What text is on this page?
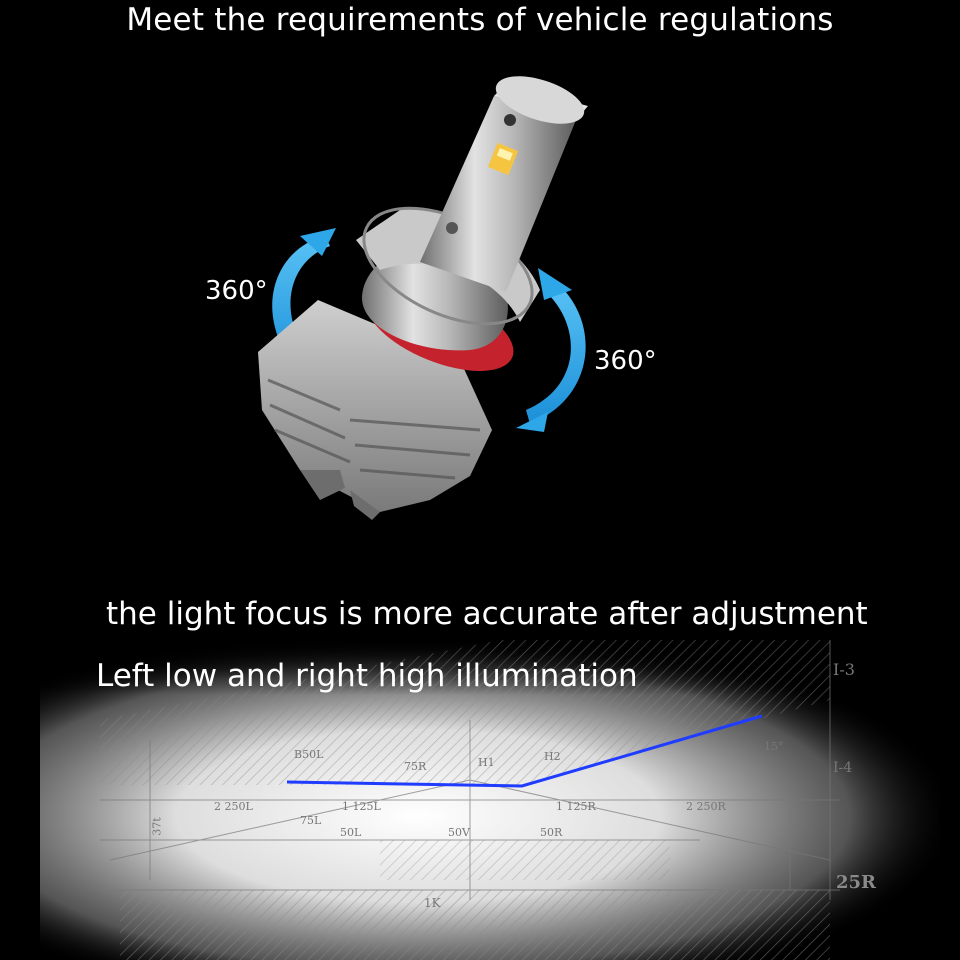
Meet the requirements of vehicle regulations
I-3
I-4
25R
B50L
75R
75L
50L	50R
50V
H1	H2
2 250L	1 125L	1 125R	2 250R
15°
750
37t
1K
360°
360°

the light focus is more accurate after adjustment

Left low and right high illumination
